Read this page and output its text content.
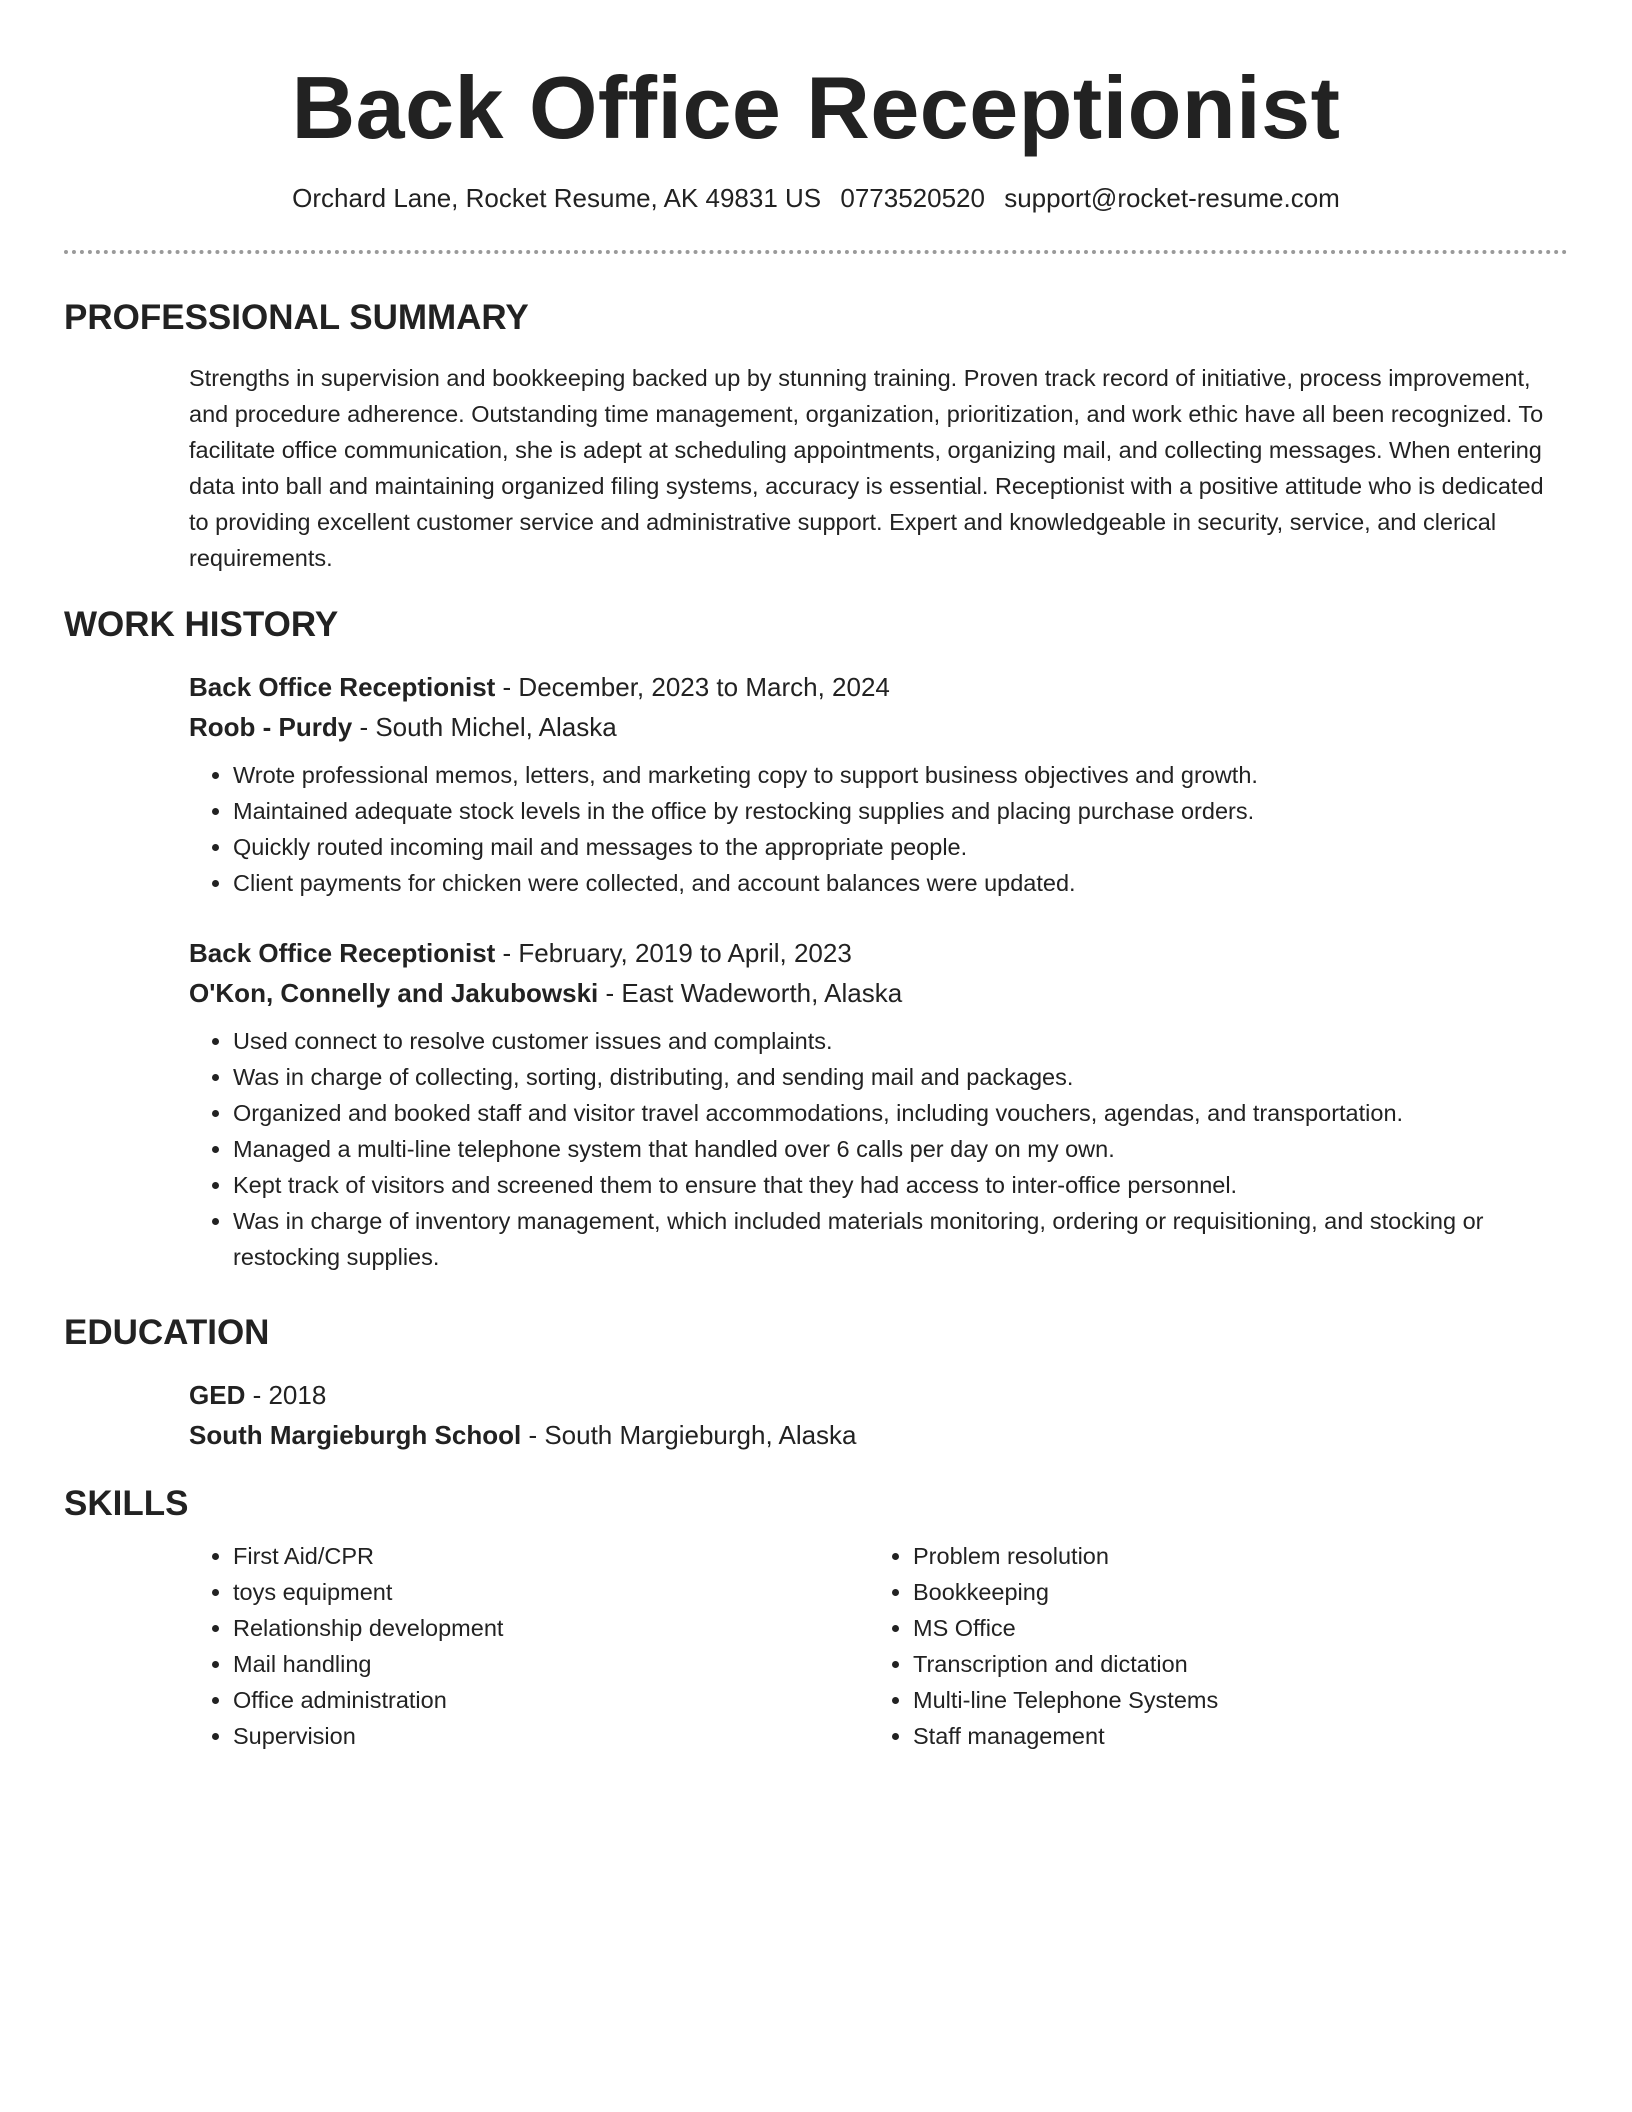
Back Office Receptionist
Orchard Lane, Rocket Resume, AK 49831 US 0773520520 support@rocket-resume.com
PROFESSIONAL SUMMARY
Strengths in supervision and bookkeeping backed up by stunning training. Proven track record of initiative, process improvement, and procedure adherence. Outstanding time management, organization, prioritization, and work ethic have all been recognized. To facilitate office communication, she is adept at scheduling appointments, organizing mail, and collecting messages. When entering data into ball and maintaining organized filing systems, accuracy is essential. Receptionist with a positive attitude who is dedicated to providing excellent customer service and administrative support. Expert and knowledgeable in security, service, and clerical requirements.
WORK HISTORY
Back Office Receptionist - December, 2023 to March, 2024
Roob - Purdy - South Michel, Alaska
• Wrote professional memos, letters, and marketing copy to support business objectives and growth.
• Maintained adequate stock levels in the office by restocking supplies and placing purchase orders.
• Quickly routed incoming mail and messages to the appropriate people.
• Client payments for chicken were collected, and account balances were updated.
Back Office Receptionist - February, 2019 to April, 2023
O'Kon, Connelly and Jakubowski - East Wadeworth, Alaska
• Used connect to resolve customer issues and complaints.
• Was in charge of collecting, sorting, distributing, and sending mail and packages.
• Organized and booked staff and visitor travel accommodations, including vouchers, agendas, and transportation.
• Managed a multi-line telephone system that handled over 6 calls per day on my own.
• Kept track of visitors and screened them to ensure that they had access to inter-office personnel.
• Was in charge of inventory management, which included materials monitoring, ordering or requisitioning, and stocking or restocking supplies.
EDUCATION
GED - 2018
South Margieburgh School - South Margieburgh, Alaska
SKILLS
• First Aid/CPR
• toys equipment
• Relationship development
• Mail handling
• Office administration
• Supervision
• Problem resolution
• Bookkeeping
• MS Office
• Transcription and dictation
• Multi-line Telephone Systems
• Staff management
